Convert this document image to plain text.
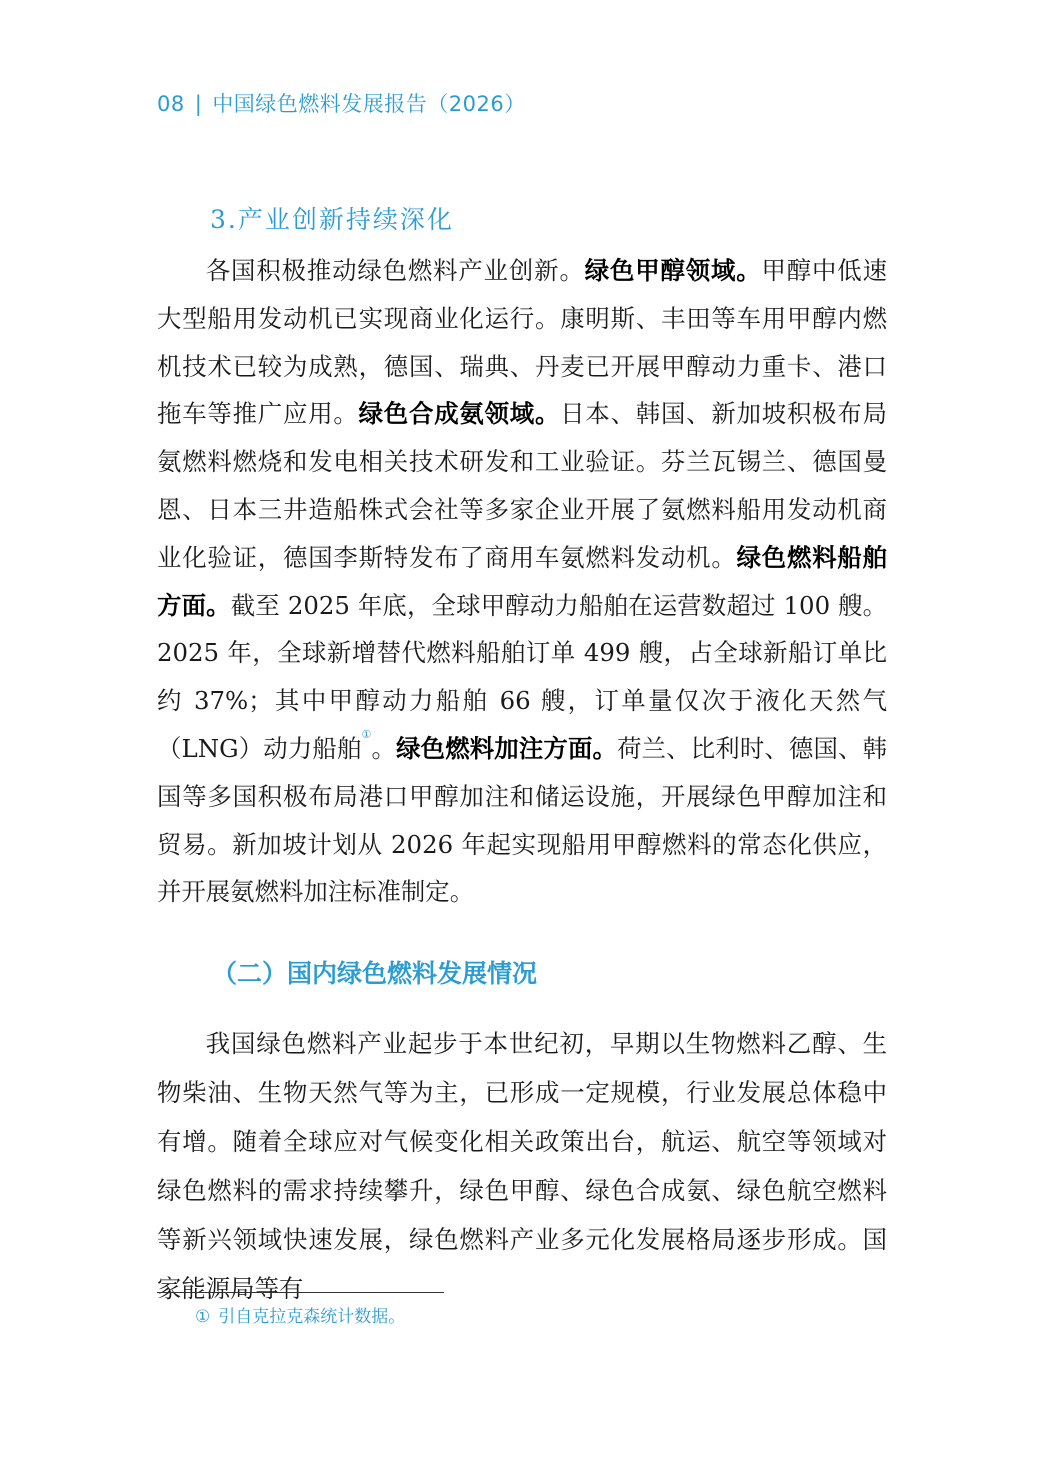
08 | 中国绿色燃料发展报告（2026）
3.产业创新持续深化

各国积极推动绿色燃料产业创新。绿色甲醇领域。甲醇中低速大型船用发动机已实现商业化运行。康明斯、丰田等车用甲醇内燃机技术已较为成熟，德国、瑞典、丹麦已开展甲醇动力重卡、港口拖车等推广应用。绿色合成氨领域。日本、韩国、新加坡积极布局氨燃料燃烧和发电相关技术研发和工业验证。芬兰瓦锡兰、德国曼恩、日本三井造船株式会社等多家企业开展了氨燃料船用发动机商业化验证，德国李斯特发布了商用车氨燃料发动机。绿色燃料船舶方面。截至 2025 年底，全球甲醇动力船舶在运营数超过 100 艘。2025 年，全球新增替代燃料船舶订单 499 艘，占全球新船订单比约 37%；其中甲醇动力船舶 66 艘，订单量仅次于液化天然气（LNG）动力船舶①。绿色燃料加注方面。荷兰、比利时、德国、韩国等多国积极布局港口甲醇加注和储运设施，开展绿色甲醇加注和贸易。新加坡计划从 2026 年起实现船用甲醇燃料的常态化供应，并开展氨燃料加注标准制定。

（二）国内绿色燃料发展情况

我国绿色燃料产业起步于本世纪初，早期以生物燃料乙醇、生物柴油、生物天然气等为主，已形成一定规模，行业发展总体稳中有增。随着全球应对气候变化相关政策出台，航运、航空等领域对绿色燃料的需求持续攀升，绿色甲醇、绿色合成氨、绿色航空燃料等新兴领域快速发展，绿色燃料产业多元化发展格局逐步形成。国家能源局等有

① 引自克拉克森统计数据。
